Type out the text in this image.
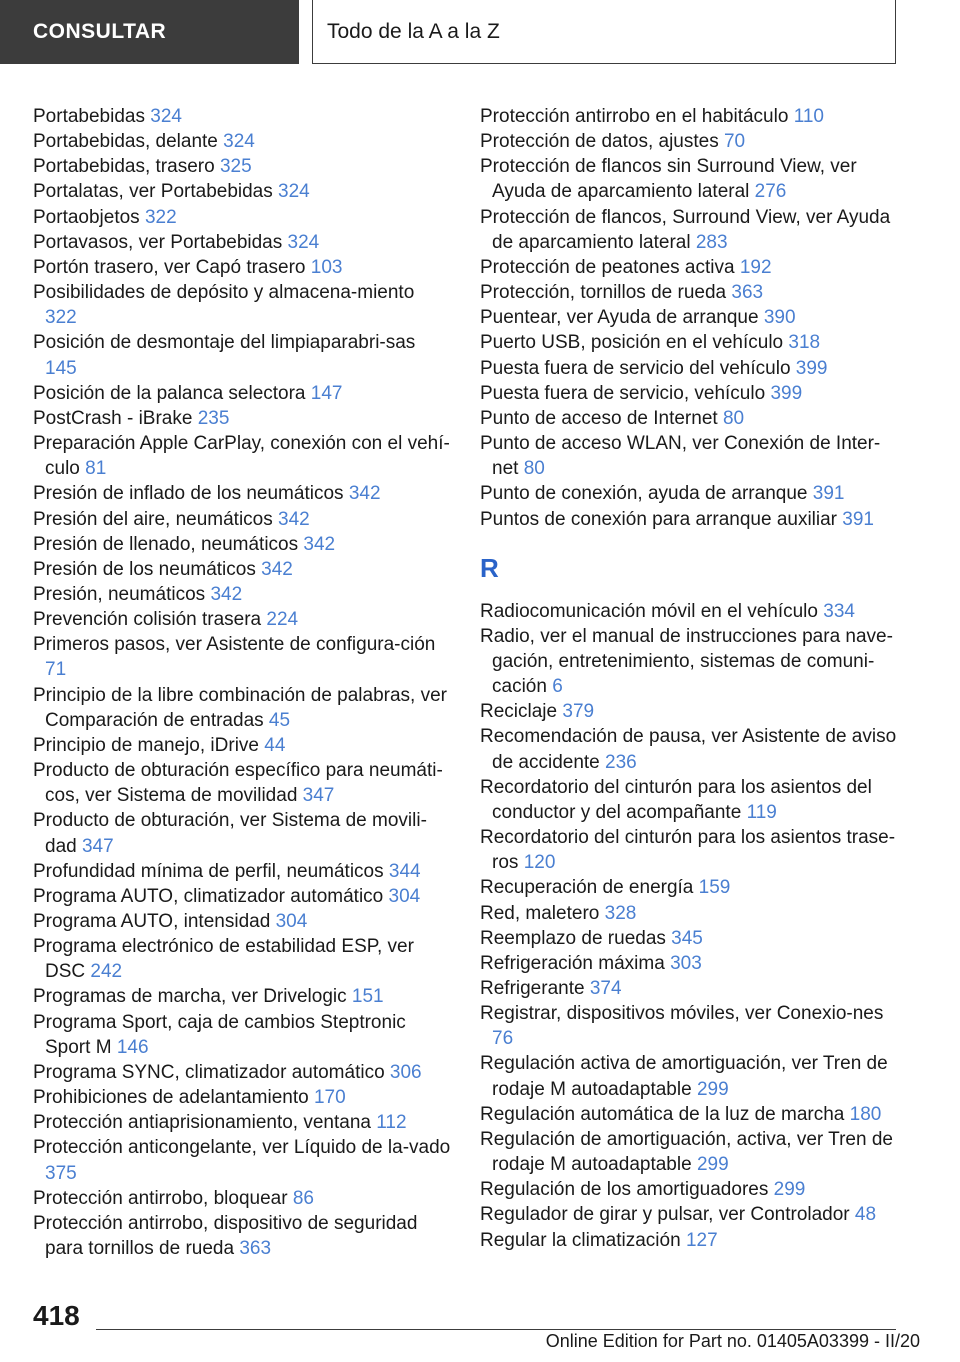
CONSULTAR	Todo de la A a la Z
Portabebidas 324
Portabebidas, delante 324
Portabebidas, trasero 325
Portalatas, ver Portabebidas 324
Portaobjetos 322
Portavasos, ver Portabebidas 324
Portón trasero, ver Capó trasero 103
Posibilidades de depósito y almacena-miento 322
Posición de desmontaje del limpiaparabri-sas 145
Posición de la palanca selectora 147
PostCrash - iBrake 235
Preparación Apple CarPlay, conexión con el vehí-culo 81
Presión de inflado de los neumáticos 342
Presión del aire, neumáticos 342
Presión de llenado, neumáticos 342
Presión de los neumáticos 342
Presión, neumáticos 342
Prevención colisión trasera 224
Primeros pasos, ver Asistente de configura-ción 71
Principio de la libre combinación de palabras, ver Comparación de entradas 45
Principio de manejo, iDrive 44
Producto de obturación específico para neumáti-cos, ver Sistema de movilidad 347
Producto de obturación, ver Sistema de movili-dad 347
Profundidad mínima de perfil, neumáticos 344
Programa AUTO, climatizador automático 304
Programa AUTO, intensidad 304
Programa electrónico de estabilidad ESP, ver DSC 242
Programas de marcha, ver Drivelogic 151
Programa Sport, caja de cambios Steptronic Sport M 146
Programa SYNC, climatizador automático 306
Prohibiciones de adelantamiento 170
Protección antiaprisionamiento, ventana 112
Protección anticongelante, ver Líquido de la-vado 375
Protección antirrobo, bloquear 86
Protección antirrobo, dispositivo de seguridad para tornillos de rueda 363
Protección antirrobo en el habitáculo 110
Protección de datos, ajustes 70
Protección de flancos sin Surround View, ver Ayuda de aparcamiento lateral 276
Protección de flancos, Surround View, ver Ayuda de aparcamiento lateral 283
Protección de peatones activa 192
Protección, tornillos de rueda 363
Puentear, ver Ayuda de arranque 390
Puerto USB, posición en el vehículo 318
Puesta fuera de servicio del vehículo 399
Puesta fuera de servicio, vehículo 399
Punto de acceso de Internet 80
Punto de acceso WLAN, ver Conexión de Inter-net 80
Punto de conexión, ayuda de arranque 391
Puntos de conexión para arranque auxiliar 391
R
Radiocomunicación móvil en el vehículo 334
Radio, ver el manual de instrucciones para nave-gación, entretenimiento, sistemas de comuni-cación 6
Reciclaje 379
Recomendación de pausa, ver Asistente de aviso de accidente 236
Recordatorio del cinturón para los asientos del conductor y del acompañante 119
Recordatorio del cinturón para los asientos trase-ros 120
Recuperación de energía 159
Red, maletero 328
Reemplazo de ruedas 345
Refrigeración máxima 303
Refrigerante 374
Registrar, dispositivos móviles, ver Conexio-nes 76
Regulación activa de amortiguación, ver Tren de rodaje M autoadaptable 299
Regulación automática de la luz de marcha 180
Regulación de amortiguación, activa, ver Tren de rodaje M autoadaptable 299
Regulación de los amortiguadores 299
Regulador de girar y pulsar, ver Controlador 48
Regular la climatización 127
418
Online Edition for Part no. 01405A03399 - II/20
